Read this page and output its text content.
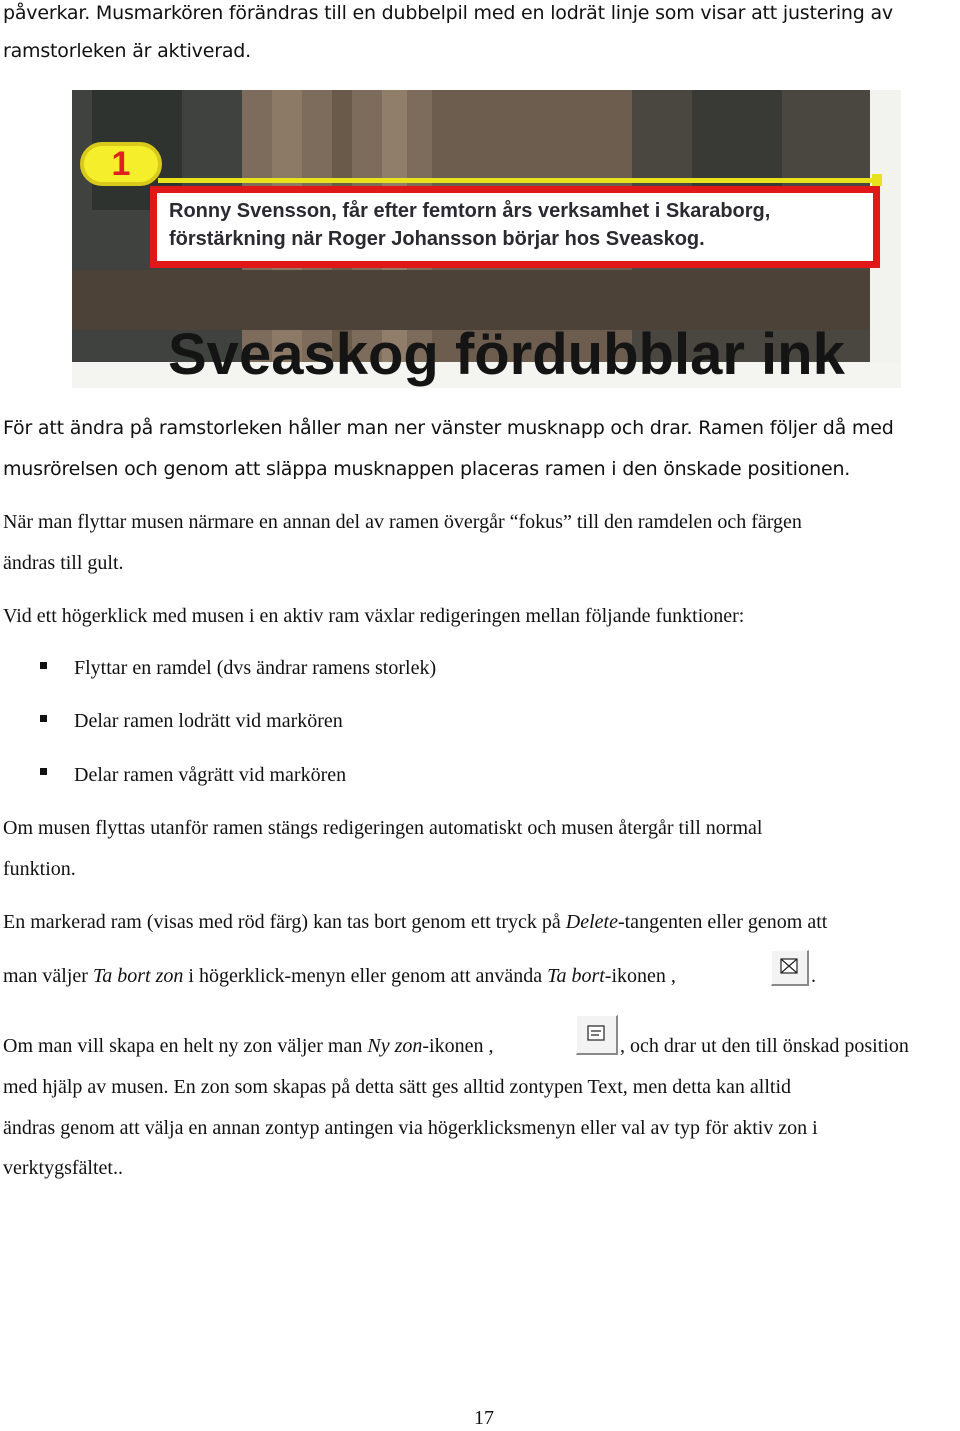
påverkar. Musmarkören förändras till en dubbelpil med en lodrät linje som visar att justering av
ramstorleken är aktiverad.
1
Ronny Svensson, får efter femtorn års verksamhet i Skaraborg,
förstärkning när Roger Johansson börjar hos Sveaskog.
Sveaskog fördubblar ink
För att ändra på ramstorleken håller man ner vänster musknapp och drar. Ramen följer då med
musrörelsen och genom att släppa musknappen placeras ramen i den önskade positionen.
När man flyttar musen närmare en annan del av ramen övergår “fokus” till den ramdelen och färgen
ändras till gult.
Vid ett högerklick med musen i en aktiv ram växlar redigeringen mellan följande funktioner:
Flyttar en ramdel (dvs ändrar ramens storlek)
Delar ramen lodrätt vid markören
Delar ramen vågrätt vid markören
Om musen flyttas utanför ramen stängs redigeringen automatiskt och musen återgår till normal
funktion.
En markerad ram (visas med röd färg) kan tas bort genom ett tryck på Delete-tangenten eller genom att
man väljer Ta bort zon i högerklick-menyn eller genom att använda Ta bort-ikonen ,	.
Om man vill skapa en helt ny zon väljer man Ny zon-ikonen ,	, och drar ut den till önskad position
med hjälp av musen. En zon som skapas på detta sätt ges alltid zontypen Text, men detta kan alltid
ändras genom att välja en annan zontyp antingen via högerklicksmenyn eller val av typ för aktiv zon i
verktygsfältet..
17
